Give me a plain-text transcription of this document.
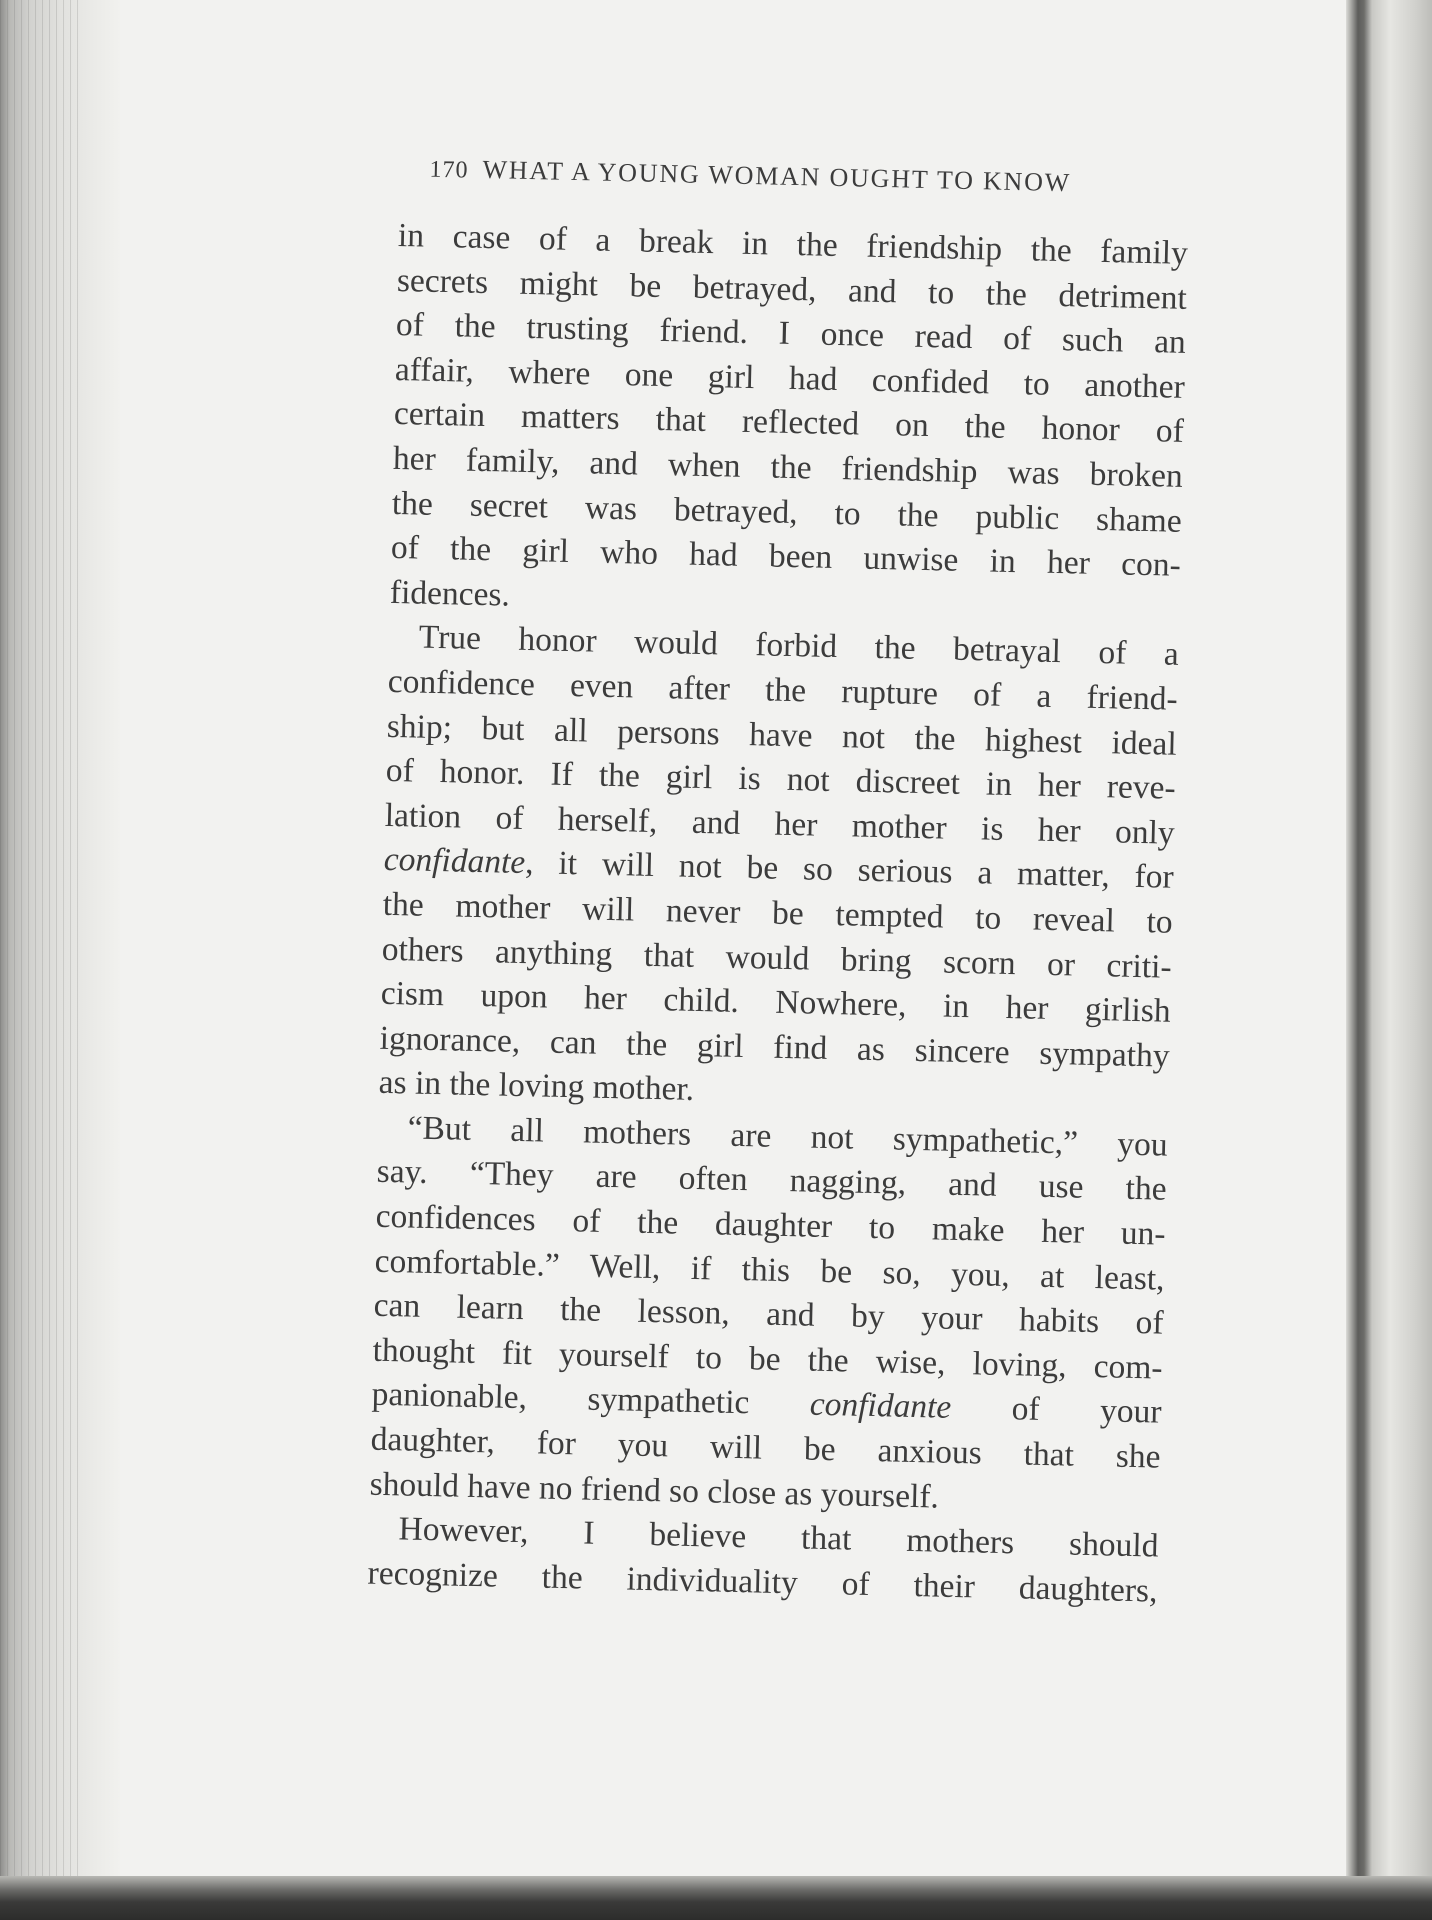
170 WHAT A YOUNG WOMAN OUGHT TO KNOW
in case of a break in the friendship the family
secrets might be betrayed, and to the detriment
of the trusting friend. I once read of such an
affair, where one girl had confided to another
certain matters that reflected on the honor of
her family, and when the friendship was broken
the secret was betrayed, to the public shame
of the girl who had been unwise in her con-
fidences.
True honor would forbid the betrayal of a
confidence even after the rupture of a friend-
ship; but all persons have not the highest ideal
of honor. If the girl is not discreet in her reve-
lation of herself, and her mother is her only
confidante, it will not be so serious a matter, for
the mother will never be tempted to reveal to
others anything that would bring scorn or criti-
cism upon her child. Nowhere, in her girlish
ignorance, can the girl find as sincere sympathy
as in the loving mother.
“But all mothers are not sympathetic,” you
say. “They are often nagging, and use the
confidences of the daughter to make her un-
comfortable.” Well, if this be so, you, at least,
can learn the lesson, and by your habits of
thought fit yourself to be the wise, loving, com-
panionable, sympathetic confidante of your
daughter, for you will be anxious that she
should have no friend so close as yourself.
However, I believe that mothers should
recognize the individuality of their daughters,
